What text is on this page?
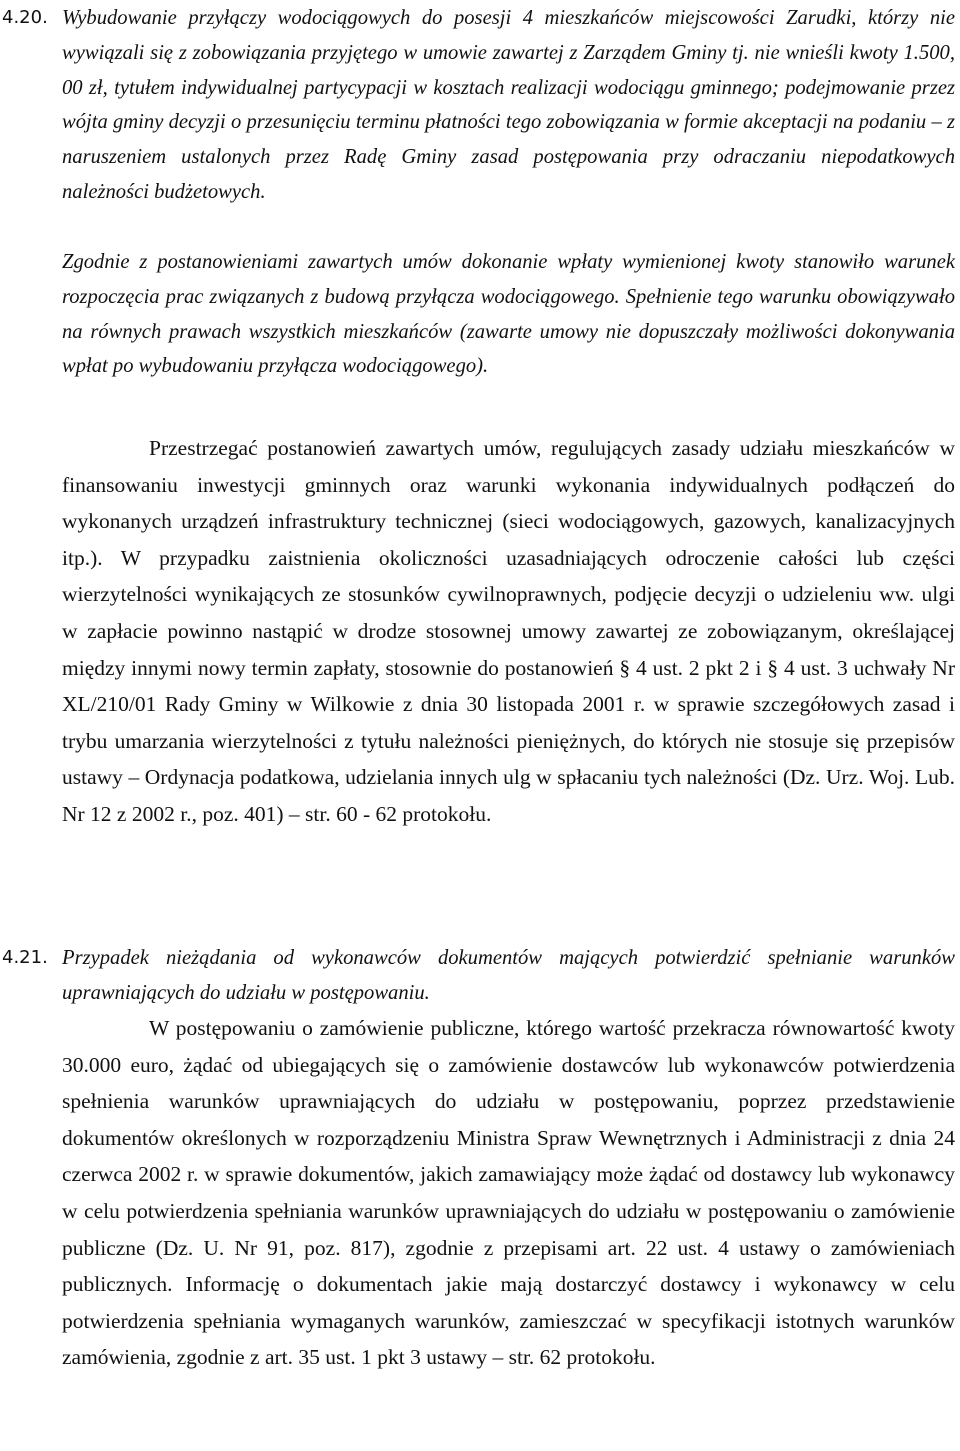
4.20. Wybudowanie przyłączy wodociągowych do posesji 4 mieszkańców miejscowości Zarudki, którzy nie wywiązali się z zobowiązania przyjętego w umowie zawartej z Zarządem Gminy tj. nie wnieśli kwoty 1.500, 00 zł, tytułem indywidualnej partycypacji w kosztach realizacji wodociągu gminnego; podejmowanie przez wójta gminy decyzji o przesunięciu terminu płatności tego zobowiązania w formie akceptacji na podaniu – z naruszeniem ustalonych przez Radę Gminy zasad postępowania przy odraczaniu niepodatkowych należności budżetowych.

Zgodnie z postanowieniami zawartych umów dokonanie wpłaty wymienionej kwoty stanowiło warunek rozpoczęcia prac związanych z budową przyłącza wodociągowego. Spełnienie tego warunku obowiązywało na równych prawach wszystkich mieszkańców (zawarte umowy nie dopuszczały możliwości dokonywania wpłat po wybudowaniu przyłącza wodociągowego).

Przestrzegać postanowień zawartych umów, regulujących zasady udziału mieszkańców w finansowaniu inwestycji gminnych oraz warunki wykonania indywidualnych podłączeń do wykonanych urządzeń infrastruktury technicznej (sieci wodociągowych, gazowych, kanalizacyjnych itp.). W przypadku zaistnienia okoliczności uzasadniających odroczenie całości lub części wierzytelności wynikających ze stosunków cywilnoprawnych, podjęcie decyzji o udzieleniu ww. ulgi w zapłacie powinno nastąpić w drodze stosownej umowy zawartej ze zobowiązanym, określającej między innymi nowy termin zapłaty, stosownie do postanowień § 4 ust. 2 pkt 2 i § 4 ust. 3 uchwały Nr XL/210/01 Rady Gminy w Wilkowie z dnia 30 listopada 2001 r. w sprawie szczegółowych zasad i trybu umarzania wierzytelności z tytułu należności pieniężnych, do których nie stosuje się przepisów ustawy – Ordynacja podatkowa, udzielania innych ulg w spłacaniu tych należności (Dz. Urz. Woj. Lub. Nr 12 z 2002 r., poz. 401) – str. 60 - 62 protokołu.

4.21. Przypadek nieżądania od wykonawców dokumentów mających potwierdzić spełnianie warunków uprawniających do udziału w postępowaniu.

W postępowaniu o zamówienie publiczne, którego wartość przekracza równowartość kwoty 30.000 euro, żądać od ubiegających się o zamówienie dostawców lub wykonawców potwierdzenia spełnienia warunków uprawniających do udziału w postępowaniu, poprzez przedstawienie dokumentów określonych w rozporządzeniu Ministra Spraw Wewnętrznych i Administracji z dnia 24 czerwca 2002 r. w sprawie dokumentów, jakich zamawiający może żądać od dostawcy lub wykonawcy w celu potwierdzenia spełniania warunków uprawniających do udziału w postępowaniu o zamówienie publiczne (Dz. U. Nr 91, poz. 817), zgodnie z przepisami art. 22 ust. 4 ustawy o zamówieniach publicznych. Informację o dokumentach jakie mają dostarczyć dostawcy i wykonawcy w celu potwierdzenia spełniania wymaganych warunków, zamieszczać w specyfikacji istotnych warunków zamówienia, zgodnie z art. 35 ust. 1 pkt 3 ustawy – str. 62 protokołu.
